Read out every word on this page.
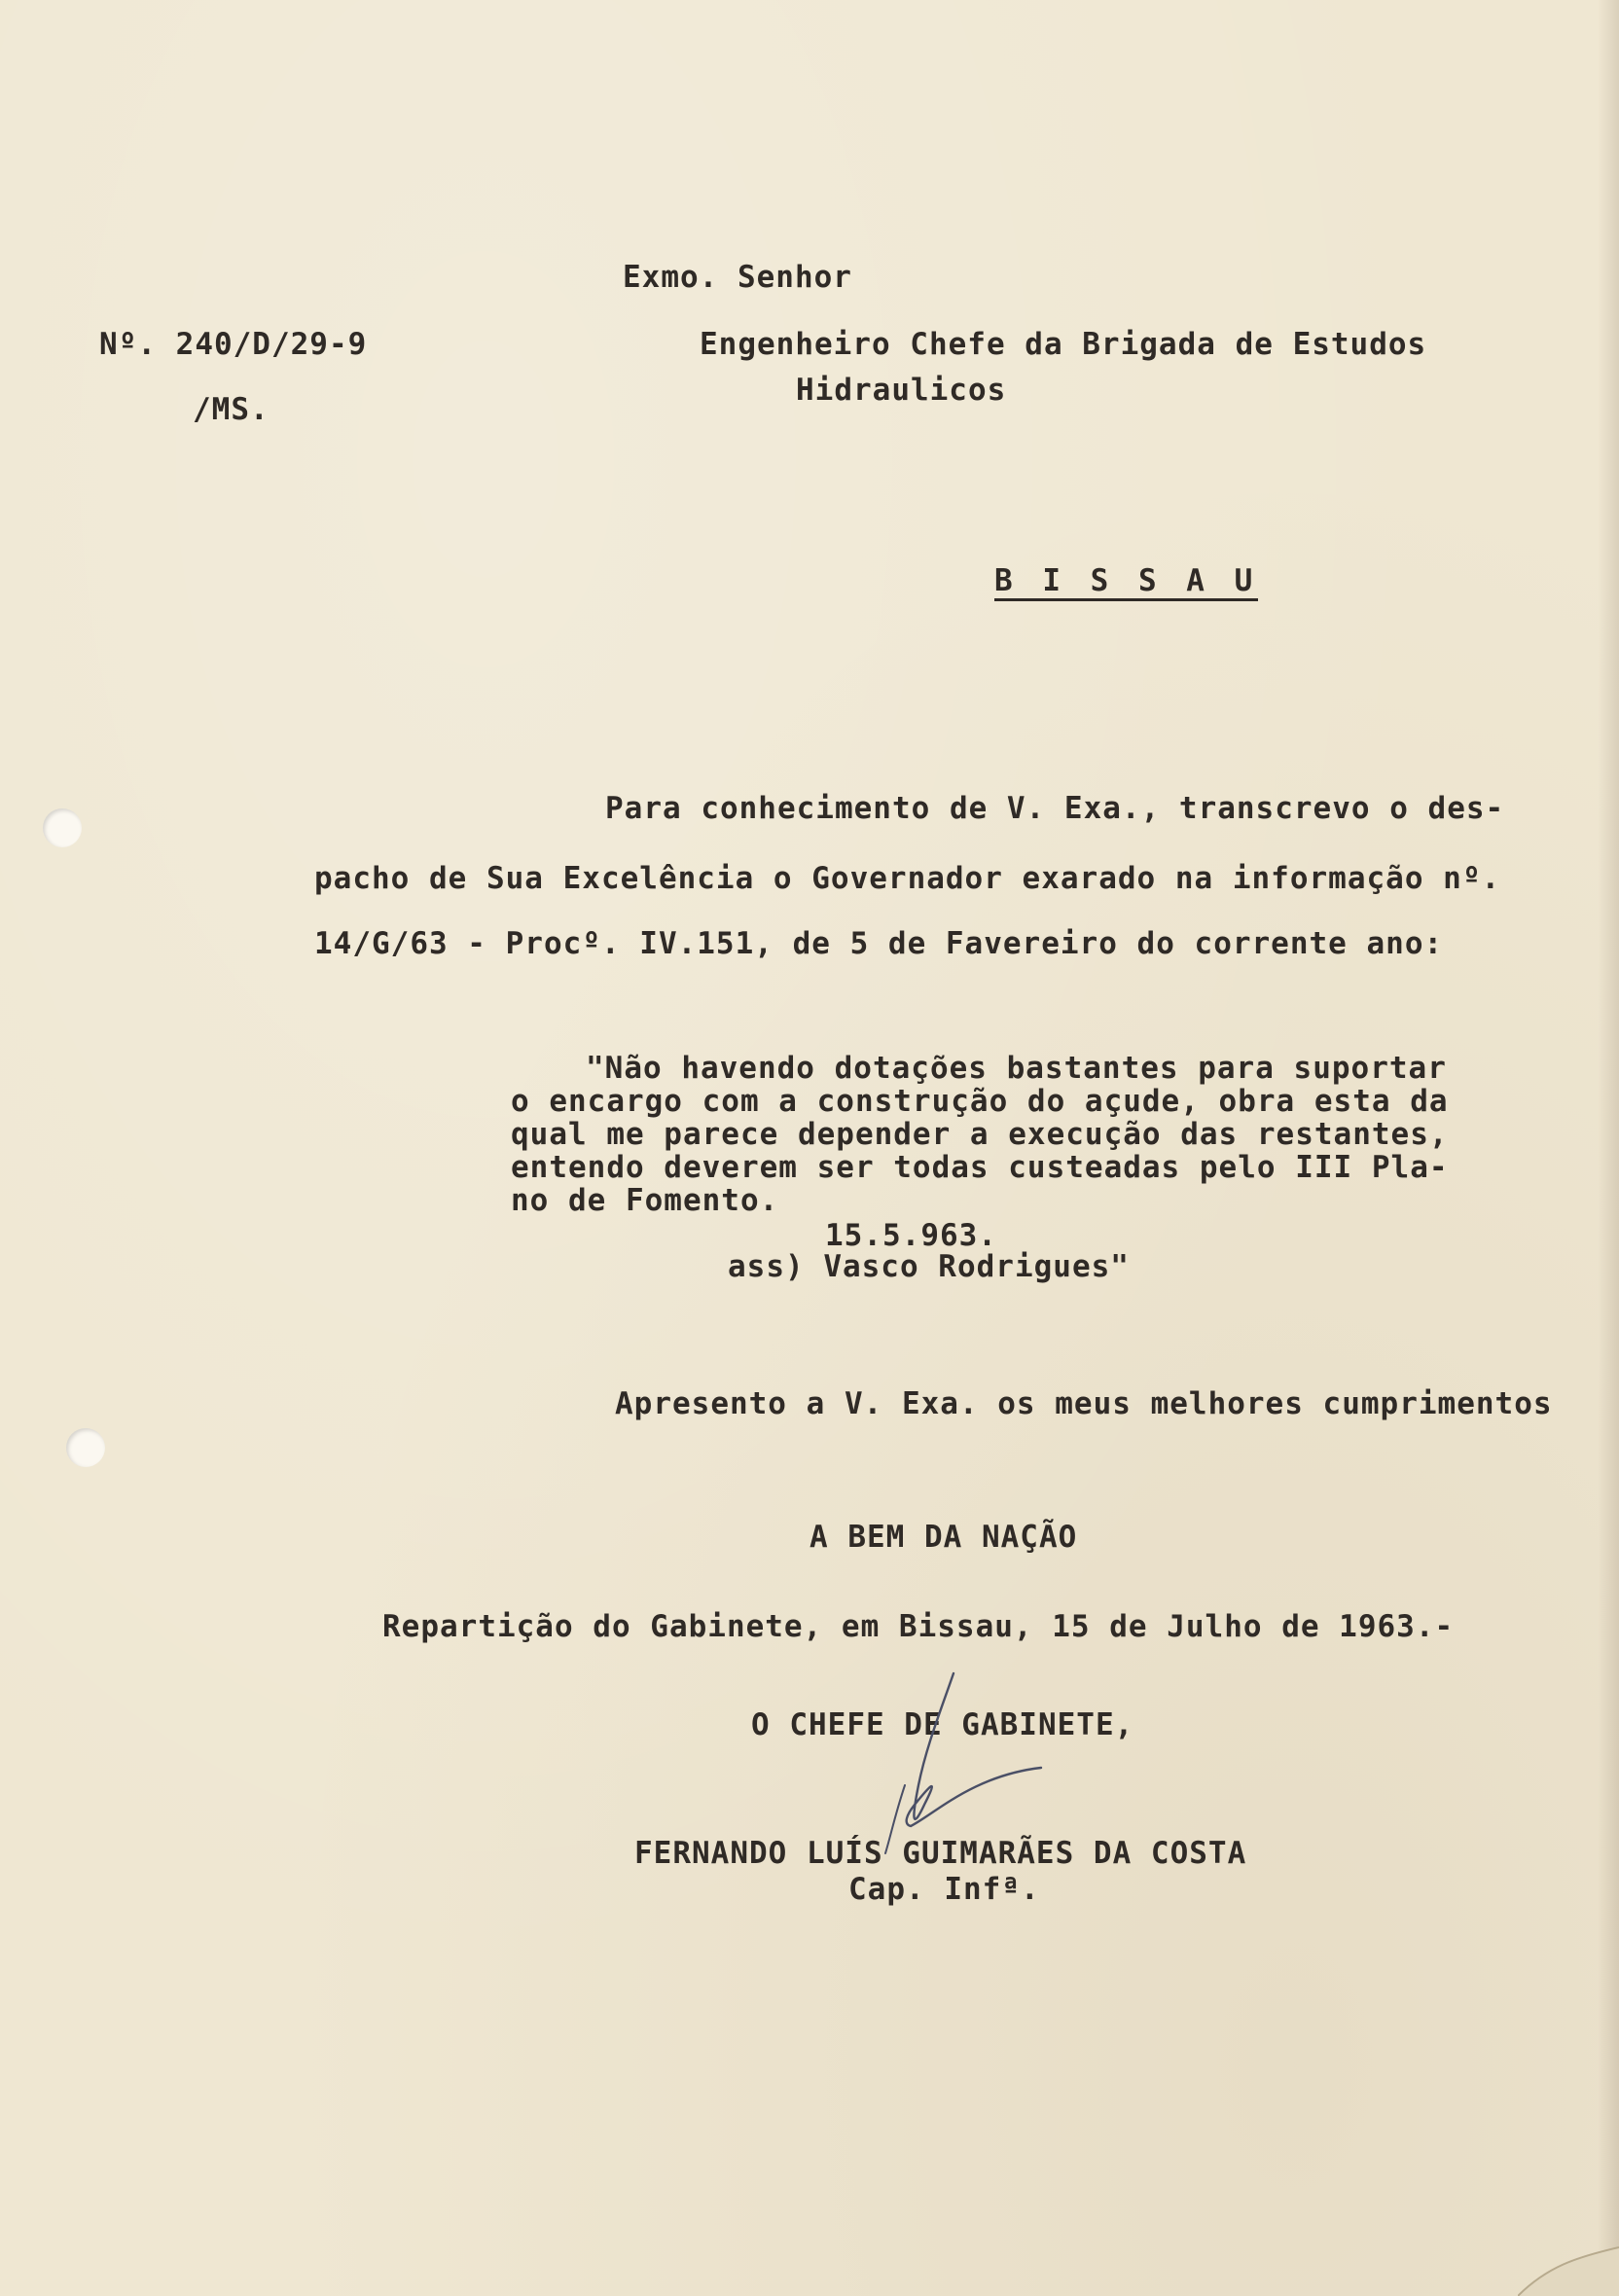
Exmo. Senhor
Nº. 240/D/29-9
/MS.
Engenheiro Chefe da Brigada de Estudos
Hidraulicos
B I S S A U
Para conhecimento de V. Exa., transcrevo o des-
pacho de Sua Excelência o Governador exarado na informação nº.
14/G/63 - Procº. IV.151, de 5 de Favereiro do corrente ano:
"Não havendo dotações bastantes para suportar
o encargo com a construção do açude, obra esta da
qual me parece depender a execução das restantes,
entendo deverem ser todas custeadas pelo III Pla-
no de Fomento.
15.5.963.
ass) Vasco Rodrigues"
Apresento a V. Exa. os meus melhores cumprimentos
A BEM DA NAÇÃO
Repartição do Gabinete, em Bissau, 15 de Julho de 1963.-
O CHEFE DE GABINETE,
FERNANDO LUÍS GUIMARÃES DA COSTA
Cap. Infª.
